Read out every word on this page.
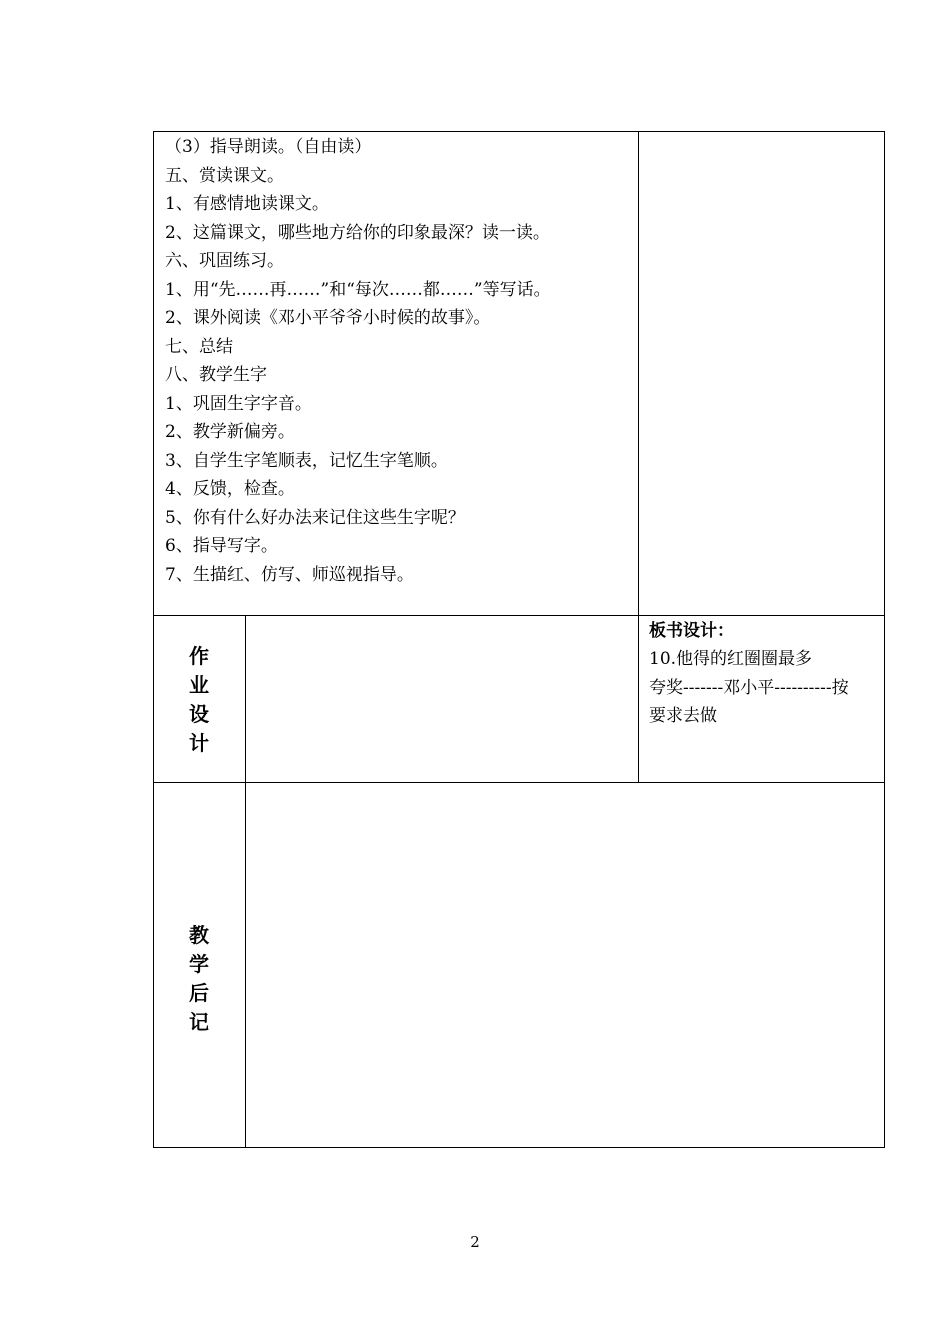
（3）指导朗读。（自由读）
五、赏读课文。
1、有感情地读课文。
2、这篇课文，哪些地方给你的印象最深？读一读。
六、巩固练习。
1、用“先……再……”和“每次……都……”等写话。
2、课外阅读《邓小平爷爷小时候的故事》。
七、总结
八、教学生字
1、巩固生字字音。
2、教学新偏旁。
3、自学生字笔顺表，记忆生字笔顺。
4、反馈，检查。
5、你有什么好办法来记住这些生字呢？
6、指导写字。
7、生描红、仿写、师巡视指导。
作
业
设
计
板书设计：
10.他得的红圈圈最多
夸奖-------邓小平----------按
要求去做
教
学
后
记
2
